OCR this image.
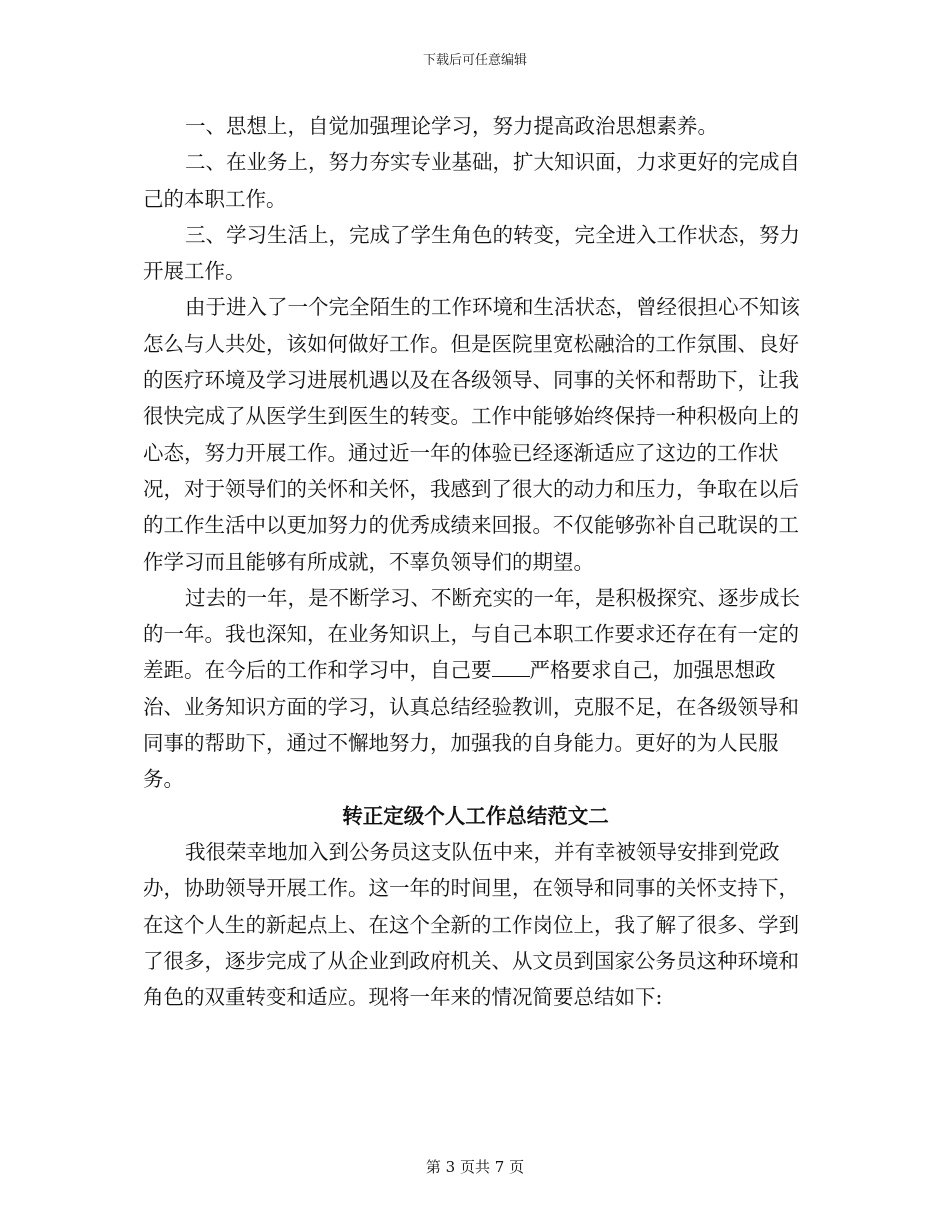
下载后可任意编辑

一、思想上，自觉加强理论学习，努力提高政治思想素养。

二、在业务上，努力夯实专业基础，扩大知识面，力求更好的完成自己的本职工作。

三、学习生活上，完成了学生角色的转变，完全进入工作状态，努力开展工作。

由于进入了一个完全陌生的工作环境和生活状态，曾经很担心不知该怎么与人共处，该如何做好工作。但是医院里宽松融洽的工作氛围、良好的医疗环境及学习进展机遇以及在各级领导、同事的关怀和帮助下，让我很快完成了从医学生到医生的转变。工作中能够始终保持一种积极向上的心态，努力开展工作。通过近一年的体验已经逐渐适应了这边的工作状况，对于领导们的关怀和关怀，我感到了很大的动力和压力，争取在以后的工作生活中以更加努力的优秀成绩来回报。不仅能够弥补自己耽误的工作学习而且能够有所成就，不辜负领导们的期望。

过去的一年，是不断学习、不断充实的一年，是积极探究、逐步成长的一年。我也深知，在业务知识上，与自己本职工作要求还存在有一定的差距。在今后的工作和学习中，自己要 严格要求自己，加强思想政治、业务知识方面的学习，认真总结经验教训，克服不足，在各级领导和同事的帮助下，通过不懈地努力，加强我的自身能力。更好的为人民服务。

转正定级个人工作总结范文二

我很荣幸地加入到公务员这支队伍中来，并有幸被领导安排到党政办，协助领导开展工作。这一年的时间里，在领导和同事的关怀支持下，在这个人生的新起点上、在这个全新的工作岗位上，我了解了很多、学到了很多，逐步完成了从企业到政府机关、从文员到国家公务员这种环境和角色的双重转变和适应。现将一年来的情况简要总结如下:

第 3 页共 7 页
